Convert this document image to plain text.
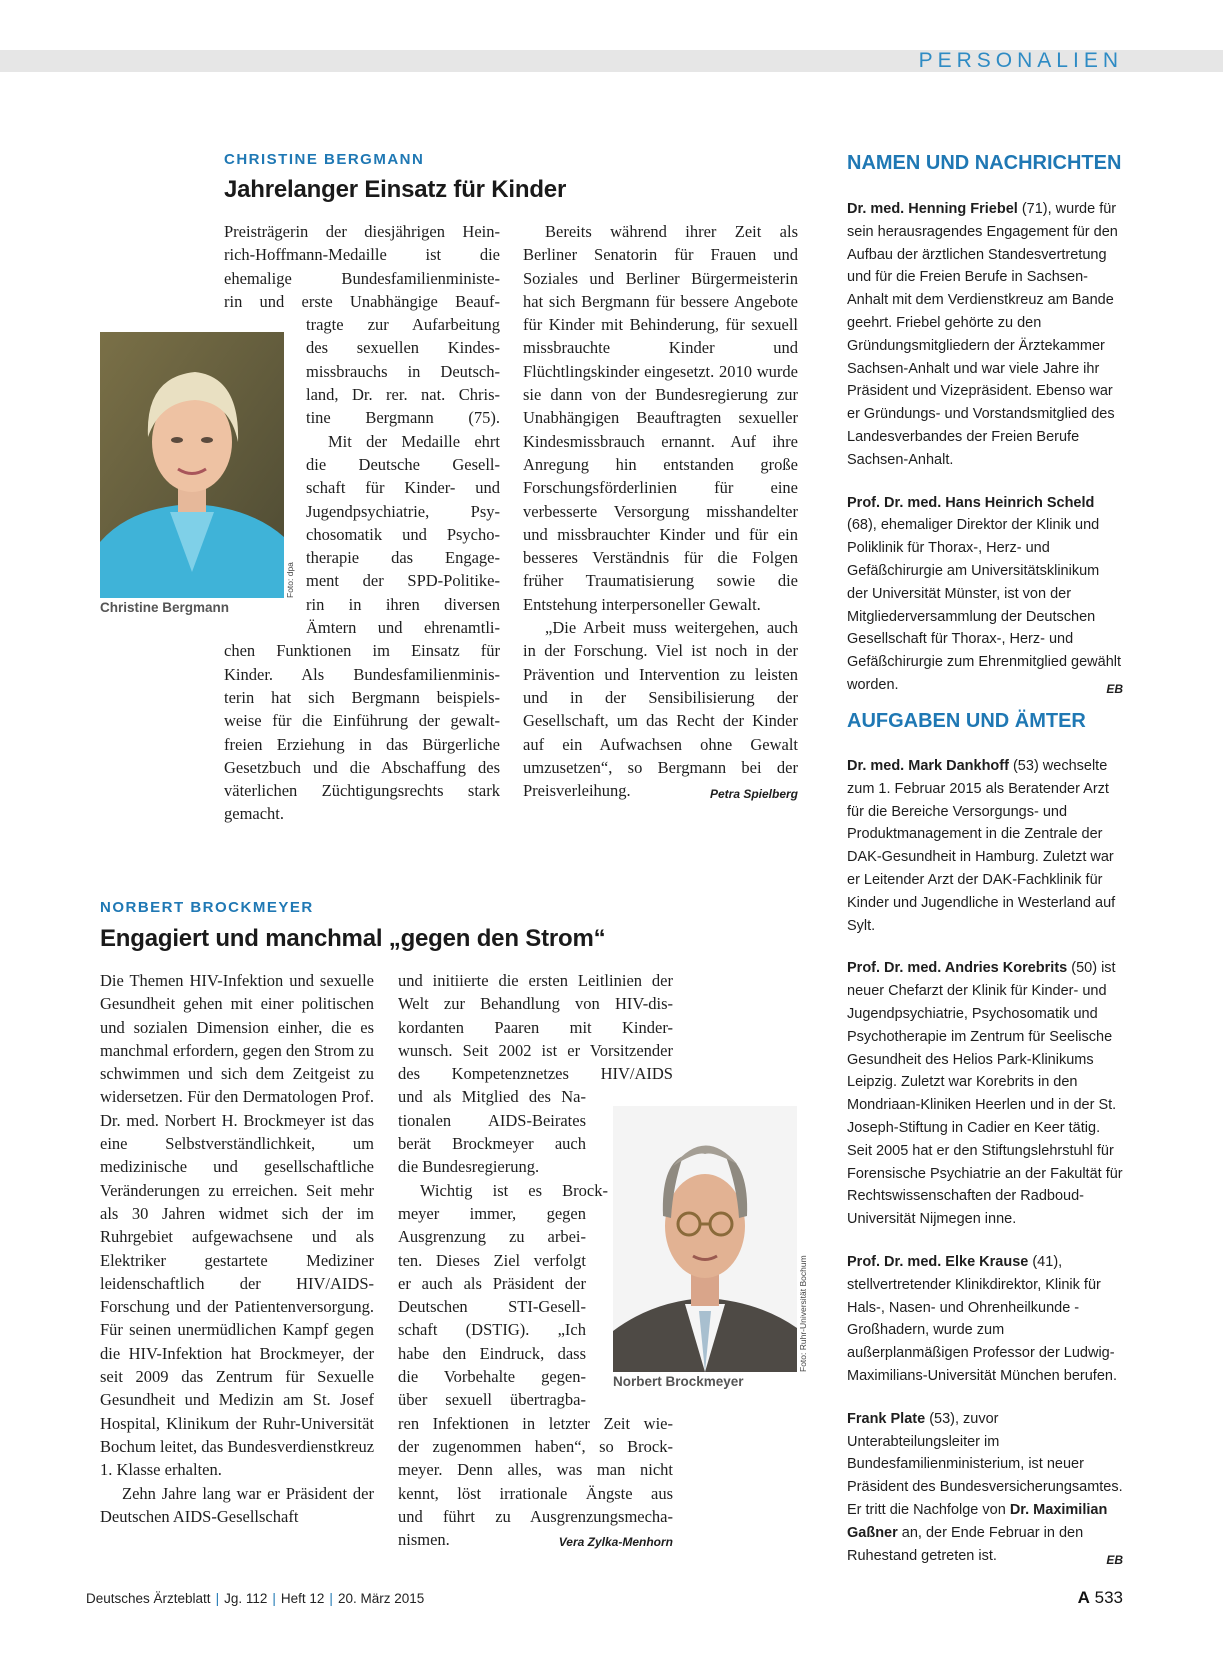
PERSONALIEN
CHRISTINE BERGMANN
Jahrelanger Einsatz für Kinder
Foto: dpa
Christine Bergmann
Preisträgerin der diesjährigen Hein-
rich-Hoffmann-Medaille ist die
ehemalige Bundesfamilienministe-
rin und erste Unabhängige Beauf-
tragte zur Aufarbeitung
des sexuellen Kindes-
missbrauchs in Deutsch-
land, Dr. rer. nat. Chris-
tine Bergmann (75).
Mit der Medaille ehrt
die Deutsche Gesell-
schaft für Kinder- und
Jugendpsychiatrie, Psy-
chosomatik und Psycho-
therapie das Engage-
ment der SPD-Politike-
rin in ihren diversen
Ämtern und ehrenamtli-
chen Funktionen im Einsatz für
Kinder. Als Bundesfamilienminis-
terin hat sich Bergmann beispiels-
weise für die Einführung der gewalt-
freien Erziehung in das Bürgerliche
Gesetzbuch und die Abschaffung des
väterlichen Züchtigungsrechts stark
gemacht.

Bereits während ihrer Zeit als Berliner Senatorin für Frauen und Soziales und Berliner Bürgermeisterin hat sich Bergmann für bessere Angebote für Kinder mit Behinderung, für sexuell missbrauchte Kinder und Flüchtlingskinder eingesetzt. 2010 wurde sie dann von der Bundesregierung zur Unabhängigen Beauftragten sexueller Kindesmissbrauch ernannt. Auf ihre Anregung hin entstanden große Forschungsförderlinien für eine verbesserte Versorgung misshandelter und missbrauchter Kinder und für ein besseres Verständnis für die Folgen früher Traumatisierung sowie die Entstehung interpersoneller Gewalt.

„Die Arbeit muss weitergehen, auch in der Forschung. Viel ist noch in der Prävention und Intervention zu leisten und in der Sensibilisierung der Gesellschaft, um das Recht der Kinder auf ein Aufwachsen ohne Gewalt umzusetzen“, so Bergmann bei der Preisverleihung.	Petra Spielberg

NORBERT BROCKMEYER
Engagiert und manchmal „gegen den Strom“

Die Themen HIV-Infektion und sexuelle Gesundheit gehen mit einer politischen und sozialen Dimension einher, die es manchmal erfordern, gegen den Strom zu schwimmen und sich dem Zeitgeist zu widersetzen. Für den Dermatologen Prof. Dr. med. Norbert H. Brockmeyer ist das eine Selbstverständlichkeit, um medizinische und gesellschaftliche Veränderungen zu erreichen. Seit mehr als 30 Jahren widmet sich der im Ruhrgebiet aufgewachsene und als Elektriker gestartete Mediziner leidenschaftlich der HIV/AIDS-Forschung und der Patientenversorgung. Für seinen unermüdlichen Kampf gegen die HIV-Infektion hat Brockmeyer, der seit 2009 das Zentrum für Sexuelle Gesundheit und Medizin am St. Josef Hospital, Klinikum der Ruhr-Universität Bochum leitet, das Bundesverdienstkreuz 1. Klasse erhalten.

Zehn Jahre lang war er Präsident der Deutschen AIDS-Gesellschaft

und initiierte die ersten Leitlinien der
Welt zur Behandlung von HIV-dis-
kordanten Paaren mit Kinder-
wunsch. Seit 2002 ist er Vorsitzender
des Kompetenznetzes HIV/AIDS
und als Mitglied des Na-
tionalen AIDS-Beirates
berät Brockmeyer auch
die Bundesregierung.
Wichtig ist es Brock-
meyer immer, gegen
Ausgrenzung zu arbei-
ten. Dieses Ziel verfolgt
er auch als Präsident der
Deutschen STI-Gesell-
schaft (DSTIG). „Ich
habe den Eindruck, dass
die Vorbehalte gegen-
über sexuell übertragba-
ren Infektionen in letzter Zeit wie-
der zugenommen haben“, so Brock-
meyer. Denn alles, was man nicht
kennt, löst irrationale Ängste aus
und führt zu Ausgrenzungsmecha-
nismen.	Vera Zylka-Menhorn
Foto: Ruhr-Universität Bochum
Norbert Brockmeyer
NAMEN UND NACHRICHTEN

Dr. med. Henning Friebel (71), wurde für sein herausragendes Engagement für den Aufbau der ärztlichen Standesvertretung und für die Freien Berufe in Sachsen-Anhalt mit dem Verdienstkreuz am Bande geehrt. Friebel gehörte zu den Gründungsmitgliedern der Ärztekammer Sachsen-Anhalt und war viele Jahre ihr Präsident und Vizepräsident. Ebenso war er Gründungs- und Vorstandsmitglied des Landesverbandes der Freien Berufe Sachsen-Anhalt.

Prof. Dr. med. Hans Heinrich Scheld (68), ehemaliger Direktor der Klinik und Poliklinik für Thorax-, Herz- und Gefäßchirurgie am Universitätsklinikum der Universität Münster, ist von der Mitgliederversammlung der Deutschen Gesellschaft für Thorax-, Herz- und Gefäßchirurgie zum Ehrenmitglied gewählt worden.	EB

AUFGABEN UND ÄMTER

Dr. med. Mark Dankhoff (53) wechselte zum 1. Februar 2015 als Beratender Arzt für die Bereiche Versorgungs- und Produktmanagement in die Zentrale der DAK-Gesundheit in Hamburg. Zuletzt war er Leitender Arzt der DAK-Fachklinik für Kinder und Jugendliche in Westerland auf Sylt.

Prof. Dr. med. Andries Korebrits (50) ist neuer Chefarzt der Klinik für Kinder- und Jugendpsychiatrie, Psychosomatik und Psychotherapie im Zentrum für Seelische Gesundheit des Helios Park-Klinikums Leipzig. Zuletzt war Korebrits in den Mondriaan-Kliniken Heerlen und in der St. Joseph-Stiftung in Cadier en Keer tätig. Seit 2005 hat er den Stiftungslehrstuhl für Forensische Psychiatrie an der Fakultät für Rechtswissenschaften der Radboud-Universität Nijmegen inne.

Prof. Dr. med. Elke Krause (41), stellvertretender Klinikdirektor, Klinik für Hals-, Nasen- und Ohrenheilkunde - Großhadern, wurde zum außerplanmäßigen Professor der Ludwig-Maximilians-Universität München berufen.

Frank Plate (53), zuvor Unterabteilungsleiter im Bundesfamilienministerium, ist neuer Präsident des Bundesversicherungsamtes. Er tritt die Nachfolge von Dr. Maximilian Gaßner an, der Ende Februar in den Ruhestand getreten ist.	EB

Deutsches Ärzteblatt | Jg. 112 | Heft 12 | 20. März 2015	A 533
